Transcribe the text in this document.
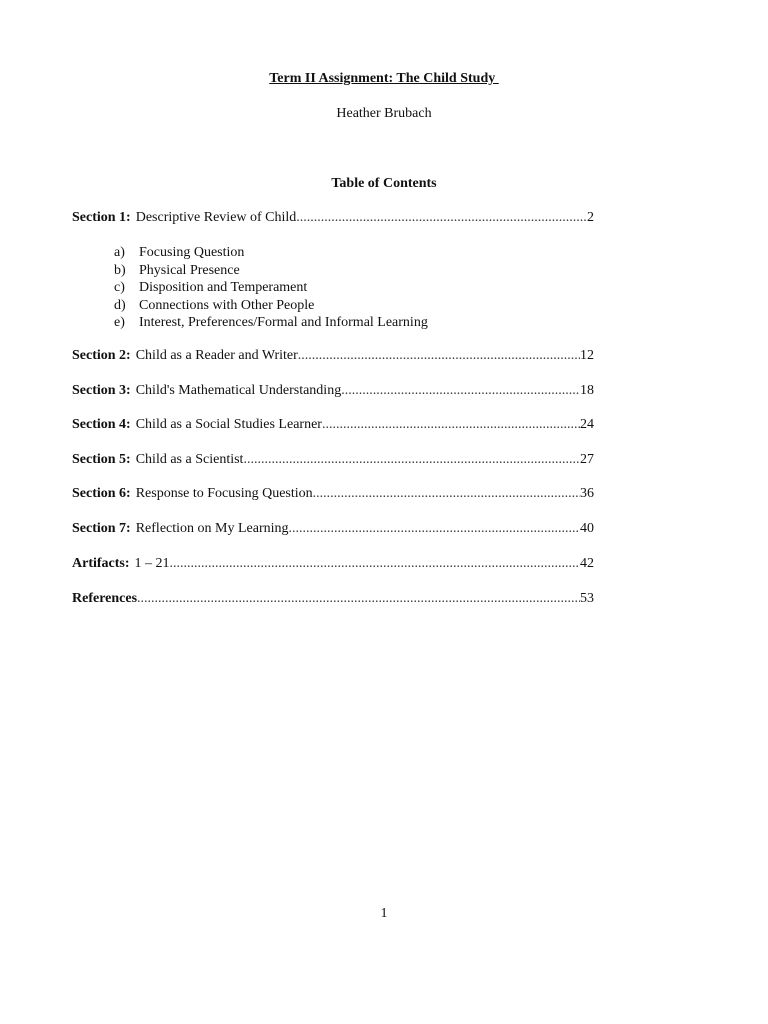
Term II Assignment: The Child Study
Heather Brubach
Table of Contents
Section 1: Descriptive Review of Child .....	2
a)	Focusing Question
b) Physical Presence
c)	Disposition and Temperament
d) Connections with Other People
e)	Interest, Preferences/Formal and Informal Learning
Section 2: Child as a Reader and Writer .....	12
Section 3: Child's Mathematical Understanding .....	18
Section 4: Child as a Social Studies Learner .....	24
Section 5: Child as a Scientist .....	27
Section 6: Response to Focusing Question .....	36
Section 7: Reflection on My Learning .....	40
Artifacts: 1 – 21 .....	42
References .....	53
1
